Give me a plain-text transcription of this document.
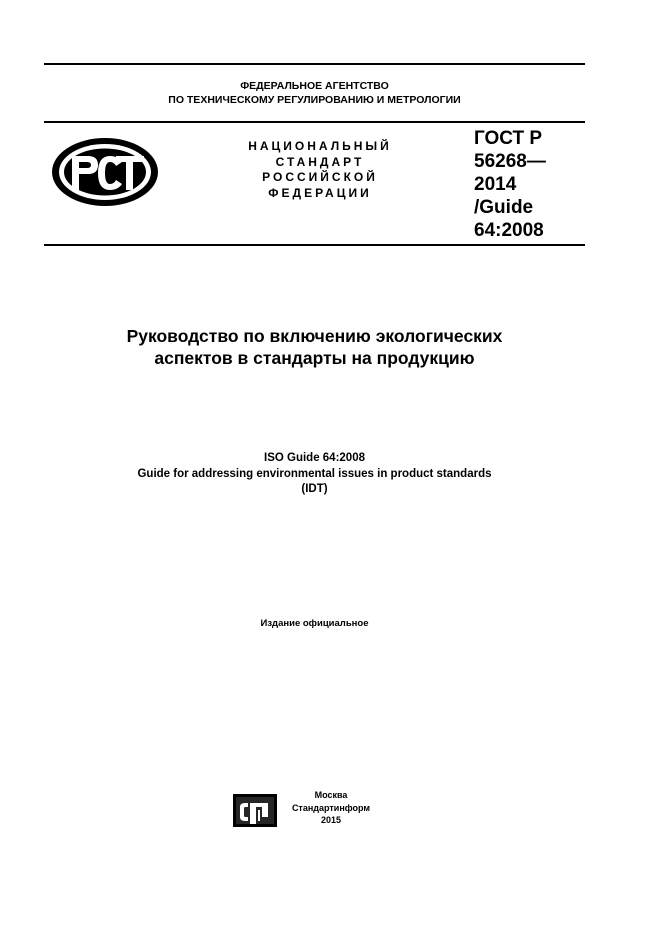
ФЕДЕРАЛЬНОЕ АГЕНТСТВО
ПО ТЕХНИЧЕСКОМУ РЕГУЛИРОВАНИЮ И МЕТРОЛОГИИ
НАЦИОНАЛЬНЫЙ
СТАНДАРТ
РОССИЙСКОЙ
ФЕДЕРАЦИИ
ГОСТ Р
56268—
2014
/Guide
64:2008
Руководство по включению экологических
аспектов в стандарты на продукцию
ISO Guide 64:2008
Guide for addressing environmental issues in product standards
(IDT)
Издание официальное
Москва
Стандартинформ
2015
